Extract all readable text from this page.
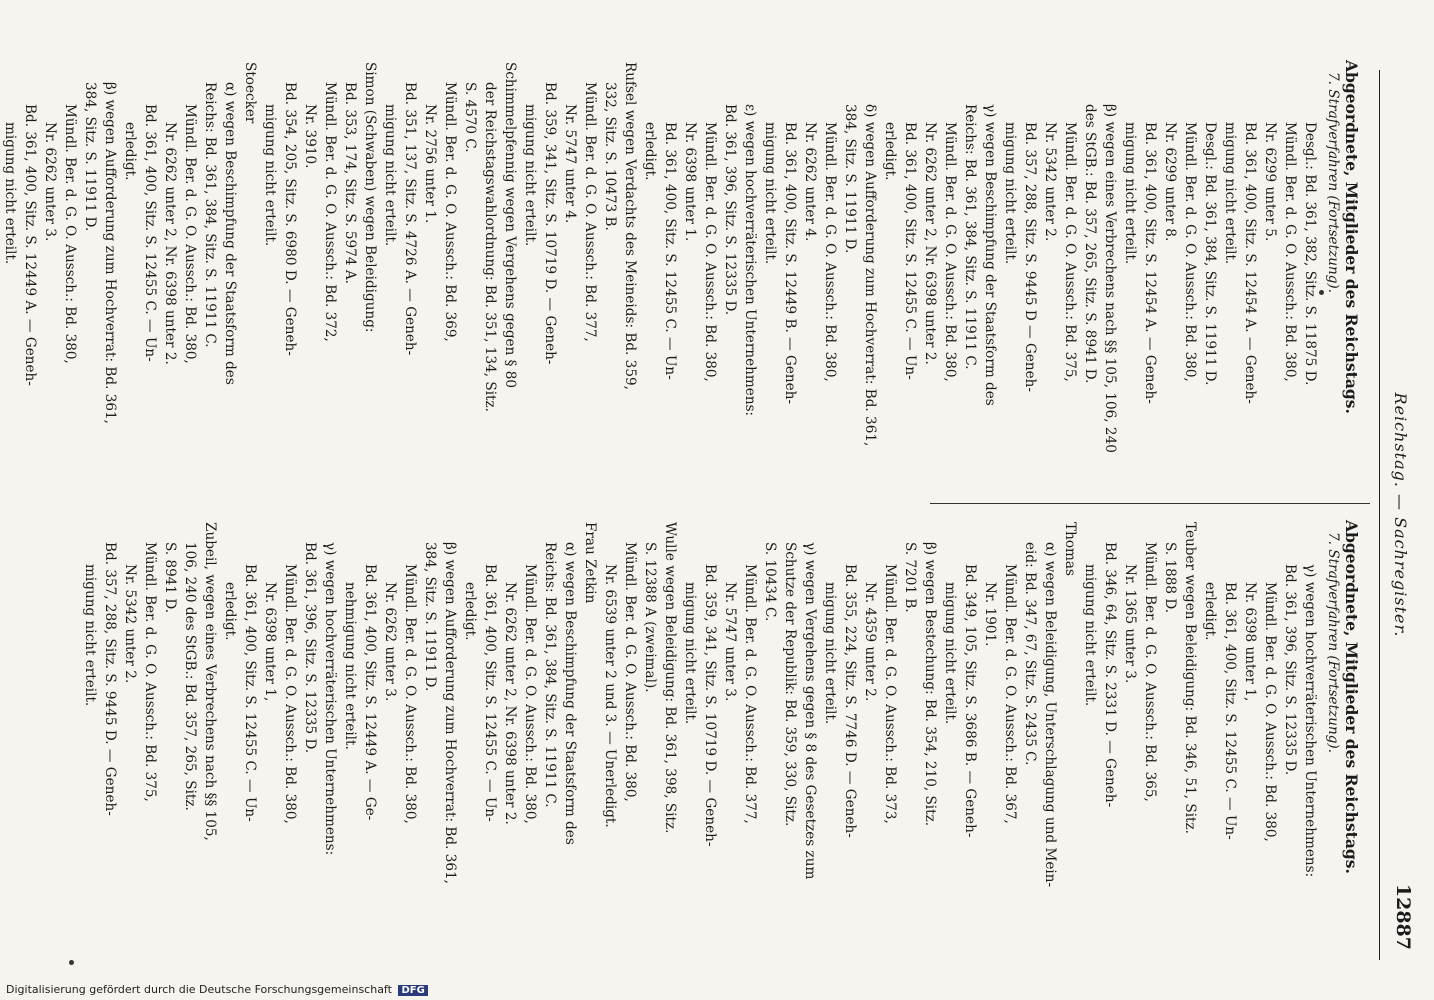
Reichstag. — Sachregister.
12887
Abgeordnete, Mitglieder des Reichstags.
7. Strafverfahren (Fortsetzung).
Desgl.: Bd. 361, 382, Sitz. S. 11875 D.
Mündl. Ber. d. G. O. Aussch.: Bd. 380,
Nr. 6299 unter 5.
Bd. 361, 400, Sitz. S. 12454 A. — Geneh-
migung nicht erteilt.
Desgl.: Bd. 361, 384, Sitz. S. 11911 D.
Mündl. Ber. d. G. O. Aussch.: Bd. 380,
Nr. 6299 unter 8.
Bd. 361, 400, Sitz. S. 12454 A. — Geneh-
migung nicht erteilt.
β) wegen eines Verbrechens nach §§ 105, 106, 240
des StGB.: Bd. 357, 265, Sitz. S. 8941 D.
Mündl. Ber. d. G. O. Aussch.: Bd. 375,
Nr. 5342 unter 2.
Bd. 357, 288, Sitz. S. 9445 D — Geneh-
migung nicht erteilt.
γ) wegen Beschimpfung der Staatsform des
Reichs: Bd. 361, 384, Sitz. S. 11911 C.
Mündl. Ber. d. G. O. Aussch.: Bd. 380,
Nr. 6262 unter 2, Nr. 6398 unter 2.
Bd. 361, 400, Sitz. S. 12455 C. — Un-
erledigt.
δ) wegen Aufforderung zum Hochverrat: Bd. 361,
384, Sitz. S. 11911 D.
Mündl. Ber. d. G. O. Aussch.: Bd. 380,
Nr. 6262 unter 4.
Bd. 361, 400, Sitz. S. 12449 B. — Geneh-
migung nicht erteilt.
ε) wegen hochverräterischen Unternehmens:
Bd. 361, 396, Sitz. S. 12335 D.
Mündl. Ber. d. G. O. Aussch.: Bd. 380,
Nr. 6398 unter 1.
Bd. 361, 400, Sitz. S. 12455 C. — Un-
erledigt.
Rufsel wegen Verdachts des Meineids: Bd. 359,
332, Sitz. S. 10473 B.
Mündl. Ber. d. G. O. Aussch.: Bd. 377,
Nr. 5747 unter 4.
Bd. 359, 341, Sitz. S. 10719 D. — Geneh-
migung nicht erteilt.
Schimmelpfennig wegen Vergehens gegen § 80
der Reichstagswahlordnung: Bd. 351, 134, Sitz.
S. 4570 C.
Mündl. Ber. d. G. O. Aussch.: Bd. 369,
Nr. 2756 unter 1.
Bd. 351, 137, Sitz. S. 4726 A. — Geneh-
migung nicht erteilt.
Simon (Schwaben) wegen Beleidigung:
Bd. 353, 174, Sitz. S. 5974 A.
Mündl. Ber. d. G. O. Aussch.: Bd. 372,
Nr. 3910.
Bd. 354, 205, Sitz. S. 6980 D. — Geneh-
migung nicht erteilt.
Stoecker
α) wegen Beschimpfung der Staatsform des
Reichs: Bd. 361, 384, Sitz. S. 11911 C.
Mündl. Ber. d. G. O. Aussch.: Bd. 380,
Nr. 6262 unter 2, Nr. 6398 unter 2.
Bd. 361, 400, Sitz. S. 12455 C. — Un-
erledigt.
β) wegen Aufforderung zum Hochverrat: Bd. 361,
384, Sitz. S. 11911 D.
Mündl. Ber. d. G. O. Aussch.: Bd. 380,
Nr. 6262 unter 3.
Bd. 361, 400, Sitz. S. 12449 A. — Geneh-
migung nicht erteilt.
Abgeordnete, Mitglieder des Reichstags.
7. Strafverfahren (Fortsetzung).
γ) wegen hochverräterischen Unternehmens:
Bd. 361, 396, Sitz. S. 12335 D.
Mündl. Ber. d. G. O. Aussch.: Bd. 380,
Nr. 6398 unter 1,
Bd. 361, 400, Sitz. S. 12455 C. — Un-
erledigt.
Teuber wegen Beleidigung: Bd. 346, 51, Sitz.
S. 1888 D.
Mündl. Ber. d. G. O. Aussch.: Bd. 365,
Nr. 1365 unter 3.
Bd. 346, 64, Sitz. S. 2331 D. — Geneh-
migung nicht erteilt.
Thomas
α) wegen Beleidigung, Unterschlagung und Mein-
eid: Bd. 347, 67, Sitz. S. 2435 C.
Mündl. Ber. d. G. O. Aussch.: Bd. 367,
Nr. 1901.
Bd. 349, 105, Sitz. S. 3686 B. — Geneh-
migung nicht erteilt.
β) wegen Bestechung: Bd. 354, 210, Sitz.
S. 7201 B.
Mündl. Ber. d. G. O. Aussch.: Bd. 373,
Nr. 4359 unter 2.
Bd. 355, 224, Sitz. S. 7746 D. — Geneh-
migung nicht erteilt.
γ) wegen Vergehens gegen § 8 des Gesetzes zum
Schutze der Republik: Bd. 359, 330, Sitz.
S. 10434 C.
Mündl. Ber. d. G. O. Aussch.: Bd. 377,
Nr. 5747 unter 3.
Bd. 359, 341, Sitz. S. 10719 D. — Geneh-
migung nicht erteilt.
Wulle wegen Beleidigung: Bd. 361, 398, Sitz.
S. 12388 A (zweimal).
Mündl. Ber. d. G. O. Aussch.: Bd. 380,
Nr. 6539 unter 2 und 3. — Unerledigt.
Frau Zetkin
α) wegen Beschimpfung der Staatsform des
Reichs: Bd. 361, 384, Sitz. S. 11911 C.
Mündl. Ber. d. G. O. Aussch.: Bd. 380,
Nr. 6262 unter 2, Nr. 6398 unter 2.
Bd. 361, 400, Sitz. S. 12455 C. — Un-
erledigt.
β) wegen Aufforderung zum Hochverrat: Bd. 361,
384, Sitz. S. 11911 D.
Mündl. Ber. d. G. O. Aussch.: Bd. 380,
Nr. 6262 unter 3.
Bd. 361, 400, Sitz. S. 12449 A. — Ge-
nehmigung nicht erteilt.
γ) wegen hochverräterischen Unternehmens:
Bd. 361, 396, Sitz. S. 12335 D.
Mündl. Ber. d. G. O. Aussch.: Bd. 380,
Nr. 6398 unter 1,
Bd. 361, 400, Sitz. S. 12455 C. — Un-
erledigt.
Zubeil, wegen eines Verbrechens nach §§ 105,
106, 240 des StGB.: Bd. 357, 265, Sitz.
S. 8941 D.
Mündl. Ber. d. G. O. Aussch.: Bd. 375,
Nr. 5342 unter 2.
Bd. 357, 288, Sitz. S. 9445 D. — Geneh-
migung nicht erteilt.
Digitalisierung gefördert durch die Deutsche Forschungsgemeinschaft DFG
